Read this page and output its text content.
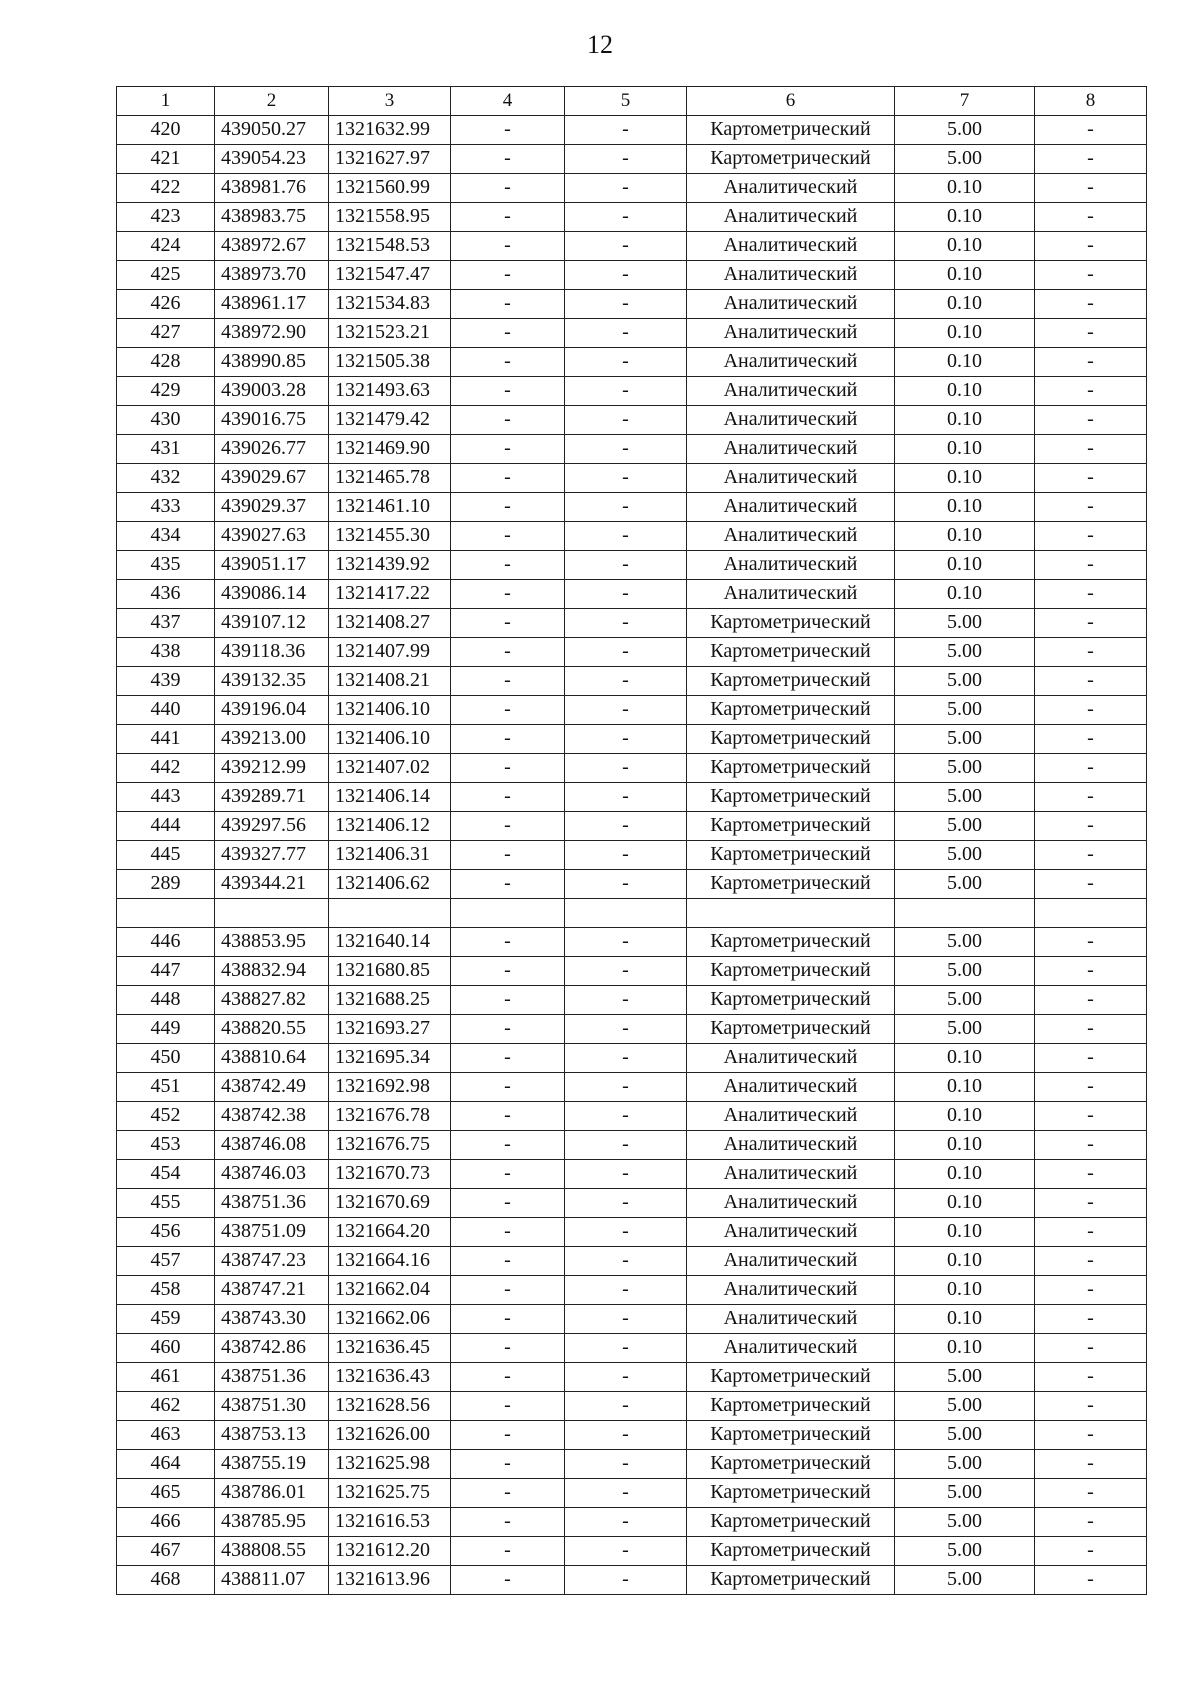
12
1	2	3	4	5	6	7	8
420	439050.27	1321632.99	-	-	Картометрический	5.00	-
421	439054.23	1321627.97	-	-	Картометрический	5.00	-
422	438981.76	1321560.99	-	-	Аналитический	0.10	-
423	438983.75	1321558.95	-	-	Аналитический	0.10	-
424	438972.67	1321548.53	-	-	Аналитический	0.10	-
425	438973.70	1321547.47	-	-	Аналитический	0.10	-
426	438961.17	1321534.83	-	-	Аналитический	0.10	-
427	438972.90	1321523.21	-	-	Аналитический	0.10	-
428	438990.85	1321505.38	-	-	Аналитический	0.10	-
429	439003.28	1321493.63	-	-	Аналитический	0.10	-
430	439016.75	1321479.42	-	-	Аналитический	0.10	-
431	439026.77	1321469.90	-	-	Аналитический	0.10	-
432	439029.67	1321465.78	-	-	Аналитический	0.10	-
433	439029.37	1321461.10	-	-	Аналитический	0.10	-
434	439027.63	1321455.30	-	-	Аналитический	0.10	-
435	439051.17	1321439.92	-	-	Аналитический	0.10	-
436	439086.14	1321417.22	-	-	Аналитический	0.10	-
437	439107.12	1321408.27	-	-	Картометрический	5.00	-
438	439118.36	1321407.99	-	-	Картометрический	5.00	-
439	439132.35	1321408.21	-	-	Картометрический	5.00	-
440	439196.04	1321406.10	-	-	Картометрический	5.00	-
441	439213.00	1321406.10	-	-	Картометрический	5.00	-
442	439212.99	1321407.02	-	-	Картометрический	5.00	-
443	439289.71	1321406.14	-	-	Картометрический	5.00	-
444	439297.56	1321406.12	-	-	Картометрический	5.00	-
445	439327.77	1321406.31	-	-	Картометрический	5.00	-
289	439344.21	1321406.62	-	-	Картометрический	5.00	-

446	438853.95	1321640.14	-	-	Картометрический	5.00	-
447	438832.94	1321680.85	-	-	Картометрический	5.00	-
448	438827.82	1321688.25	-	-	Картометрический	5.00	-
449	438820.55	1321693.27	-	-	Картометрический	5.00	-
450	438810.64	1321695.34	-	-	Аналитический	0.10	-
451	438742.49	1321692.98	-	-	Аналитический	0.10	-
452	438742.38	1321676.78	-	-	Аналитический	0.10	-
453	438746.08	1321676.75	-	-	Аналитический	0.10	-
454	438746.03	1321670.73	-	-	Аналитический	0.10	-
455	438751.36	1321670.69	-	-	Аналитический	0.10	-
456	438751.09	1321664.20	-	-	Аналитический	0.10	-
457	438747.23	1321664.16	-	-	Аналитический	0.10	-
458	438747.21	1321662.04	-	-	Аналитический	0.10	-
459	438743.30	1321662.06	-	-	Аналитический	0.10	-
460	438742.86	1321636.45	-	-	Аналитический	0.10	-
461	438751.36	1321636.43	-	-	Картометрический	5.00	-
462	438751.30	1321628.56	-	-	Картометрический	5.00	-
463	438753.13	1321626.00	-	-	Картометрический	5.00	-
464	438755.19	1321625.98	-	-	Картометрический	5.00	-
465	438786.01	1321625.75	-	-	Картометрический	5.00	-
466	438785.95	1321616.53	-	-	Картометрический	5.00	-
467	438808.55	1321612.20	-	-	Картометрический	5.00	-
468	438811.07	1321613.96	-	-	Картометрический	5.00	-
